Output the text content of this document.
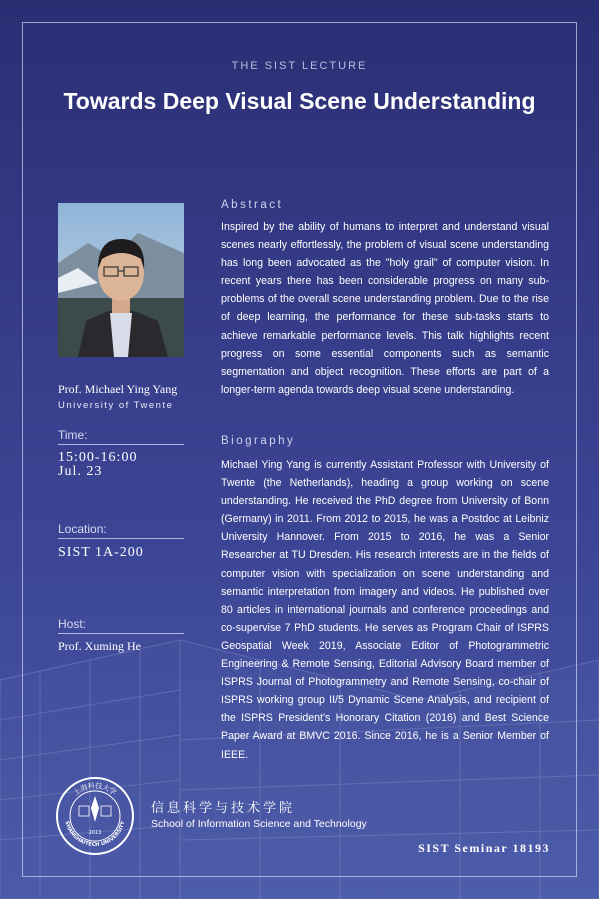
THE SIST LECTURE
Towards Deep Visual Scene Understanding
Prof. Michael Ying Yang
University of Twente
Time:
15:00-16:00
Jul. 23
Location:
SIST 1A-200
Host:
Prof. Xuming He
Abstract
Inspired by the ability of humans to interpret and understand visual scenes nearly effortlessly, the problem of visual scene understanding has long been advocated as the "holy grail" of computer vision. In recent years there has been considerable progress on many sub-problems of the overall scene understanding problem. Due to the rise of deep learning, the performance for these sub-tasks starts to achieve remarkable performance levels. This talk highlights recent progress on some essential components such as semantic segmentation and object recognition. These efforts are part of a longer-term agenda towards deep visual scene understanding.
Biography
Michael Ying Yang is currently Assistant Professor with University of Twente (the Netherlands), heading a group working on scene understanding. He received the PhD degree from University of Bonn (Germany) in 2011. From 2012 to 2015, he was a Postdoc at Leibniz University Hannover. From 2015 to 2016, he was a Senior Researcher at TU Dresden. His research interests are in the fields of computer vision with specialization on scene understanding and semantic interpretation from imagery and videos. He published over 80 articles in international journals and conference proceedings and co-supervise 7 PhD students. He serves as Program Chair of ISPRS Geospatial Week 2019, Associate Editor of Photogrammetric Engineering & Remote Sensing, Editorial Advisory Board member of ISPRS Journal of Photogrammetry and Remote Sensing, co-chair of ISPRS working group II/5 Dynamic Scene Analysis, and recipient of the ISPRS President's Honorary Citation (2016) and Best Science Paper Award at BMVC 2016. Since 2016, he is a Senior Member of IEEE.
上海科技大学
SHANGHAITECH UNIVERSITY
2013
信息科学与技术学院
School of Information Science and Technology
SIST Seminar 18193
